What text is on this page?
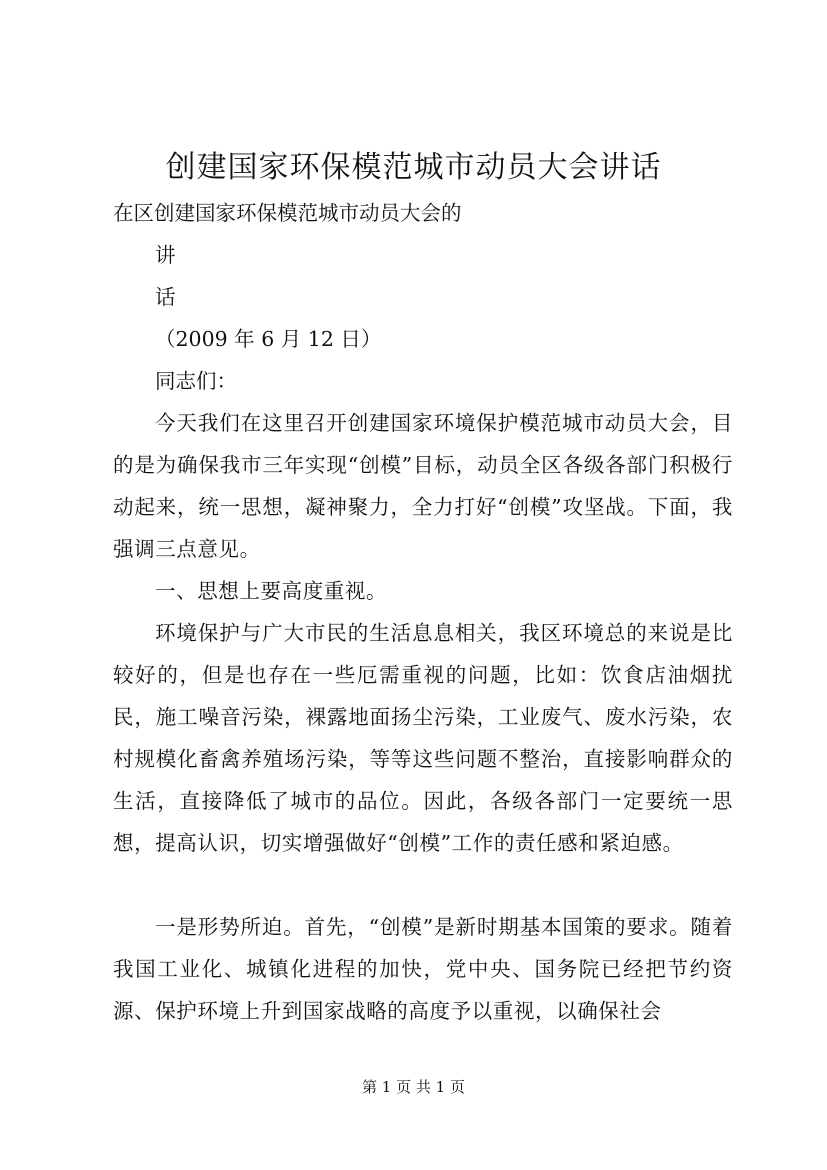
创建国家环保模范城市动员大会讲话

在区创建国家环保模范城市动员大会的

讲

话

（2009 年 6 月 12 日）

同志们：

今天我们在这里召开创建国家环境保护模范城市动员大会，目的是为确保我市三年实现“创模”目标，动员全区各级各部门积极行动起来，统一思想，凝神聚力，全力打好“创模”攻坚战。下面，我强调三点意见。

一、思想上要高度重视。

环境保护与广大市民的生活息息相关，我区环境总的来说是比较好的，但是也存在一些厄需重视的问题，比如：饮食店油烟扰民，施工噪音污染，裸露地面扬尘污染，工业废气、废水污染，农村规模化畜禽养殖场污染，等等这些问题不整治，直接影响群众的生活，直接降低了城市的品位。因此，各级各部门一定要统一思想，提高认识，切实增强做好“创模”工作的责任感和紧迫感。

一是形势所迫。首先，“创模”是新时期基本国策的要求。随着我国工业化、城镇化进程的加快，党中央、国务院已经把节约资源、保护环境上升到国家战略的高度予以重视，以确保社会

第 1 页 共 1 页
